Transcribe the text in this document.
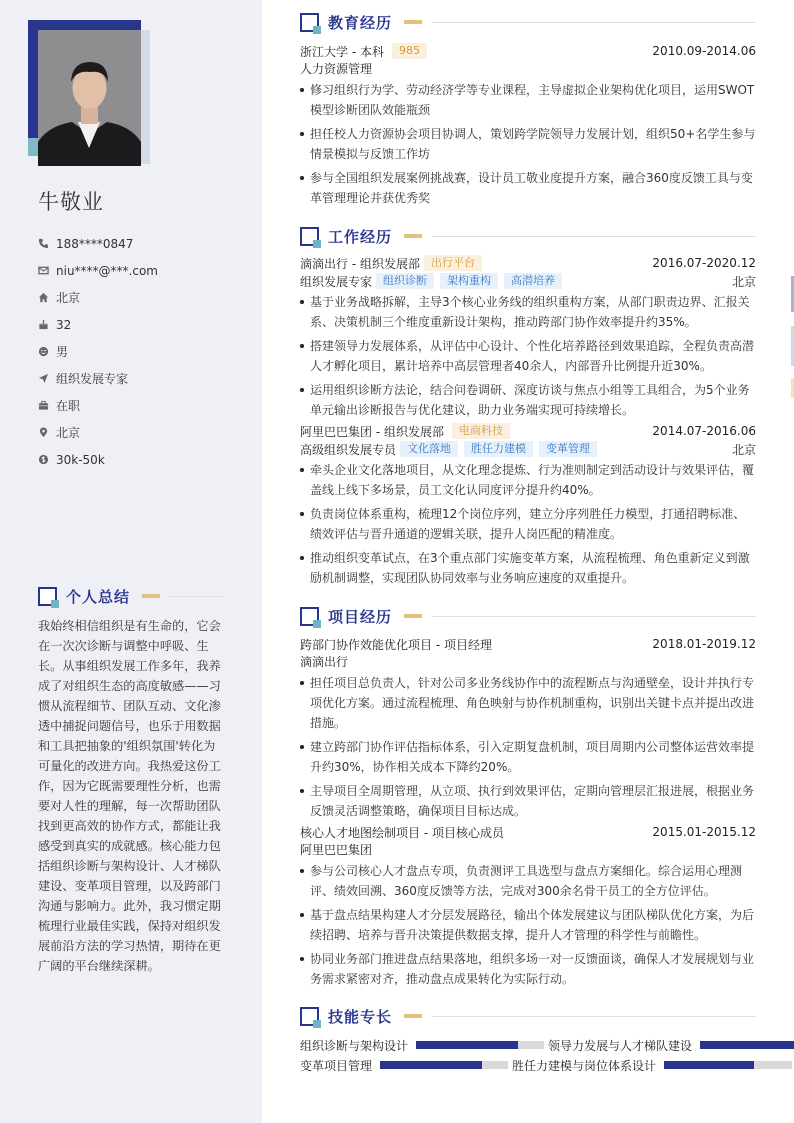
牛敬业
188****0847
niu****@***.com
北京
32
男
组织发展专家
在职
北京
30k-50k
个人总结
我始终相信组织是有生命的，它会在一次次诊断与调整中呼吸、生长。从事组织发展工作多年，我养成了对组织生态的高度敏感——习惯从流程细节、团队互动、文化渗透中捕捉问题信号，也乐于用数据和工具把抽象的'组织氛围'转化为可量化的改进方向。我热爱这份工作，因为它既需要理性分析，也需要对人性的理解，每一次帮助团队找到更高效的协作方式，都能让我感受到真实的成就感。核心能力包括组织诊断与架构设计、人才梯队建设、变革项目管理，以及跨部门沟通与影响力。此外，我习惯定期梳理行业最佳实践，保持对组织发展前沿方法的学习热情，期待在更广阔的平台继续深耕。
教育经历
浙江大学 - 本科	985	2010.09-2014.06
人力资源管理
修习组织行为学、劳动经济学等专业课程，主导虚拟企业架构优化项目，运用SWOT模型诊断团队效能瓶颈
担任校人力资源协会项目协调人，策划跨学院领导力发展计划，组织50+名学生参与情景模拟与反馈工作坊
参与全国组织发展案例挑战赛，设计员工敬业度提升方案，融合360度反馈工具与变革管理理论并获优秀奖
工作经历
滴滴出行 - 组织发展部	出行平台	2016.07-2020.12
组织发展专家	组织诊断	架构重构	高潜培养	北京
基于业务战略拆解，主导3个核心业务线的组织重构方案，从部门职责边界、汇报关系、决策机制三个维度重新设计架构，推动跨部门协作效率提升约35%。
搭建领导力发展体系，从评估中心设计、个性化培养路径到效果追踪，全程负责高潜人才孵化项目，累计培养中高层管理者40余人，内部晋升比例提升近30%。
运用组织诊断方法论，结合问卷调研、深度访谈与焦点小组等工具组合，为5个业务单元输出诊断报告与优化建议，助力业务端实现可持续增长。
阿里巴巴集团 - 组织发展部	电商科技	2014.07-2016.06
高级组织发展专员	文化落地	胜任力建模	变革管理	北京
牵头企业文化落地项目，从文化理念提炼、行为准则制定到活动设计与效果评估，覆盖线上线下多场景，员工文化认同度评分提升约40%。
负责岗位体系重构，梳理12个岗位序列，建立分序列胜任力模型，打通招聘标准、绩效评估与晋升通道的逻辑关联，提升人岗匹配的精准度。
推动组织变革试点，在3个重点部门实施变革方案，从流程梳理、角色重新定义到激励机制调整，实现团队协同效率与业务响应速度的双重提升。
项目经历
跨部门协作效能优化项目 - 项目经理	2018.01-2019.12
滴滴出行
担任项目总负责人，针对公司多业务线协作中的流程断点与沟通壁垒，设计并执行专项优化方案。通过流程梳理、角色映射与协作机制重构，识别出关键卡点并提出改进措施。
建立跨部门协作评估指标体系，引入定期复盘机制，项目周期内公司整体运营效率提升约30%，协作相关成本下降约20%。
主导项目全周期管理，从立项、执行到效果评估，定期向管理层汇报进展，根据业务反馈灵活调整策略，确保项目目标达成。
核心人才地图绘制项目 - 项目核心成员	2015.01-2015.12
阿里巴巴集团
参与公司核心人才盘点专项，负责测评工具选型与盘点方案细化。综合运用心理测评、绩效回溯、360度反馈等方法，完成对300余名骨干员工的全方位评估。
基于盘点结果构建人才分层发展路径，输出个体发展建议与团队梯队优化方案，为后续招聘、培养与晋升决策提供数据支撑，提升人才管理的科学性与前瞻性。
协同业务部门推进盘点结果落地，组织多场一对一反馈面谈，确保人才发展规划与业务需求紧密对齐，推动盘点成果转化为实际行动。
技能专长
组织诊断与架构设计	领导力发展与人才梯队建设
变革项目管理	胜任力建模与岗位体系设计
